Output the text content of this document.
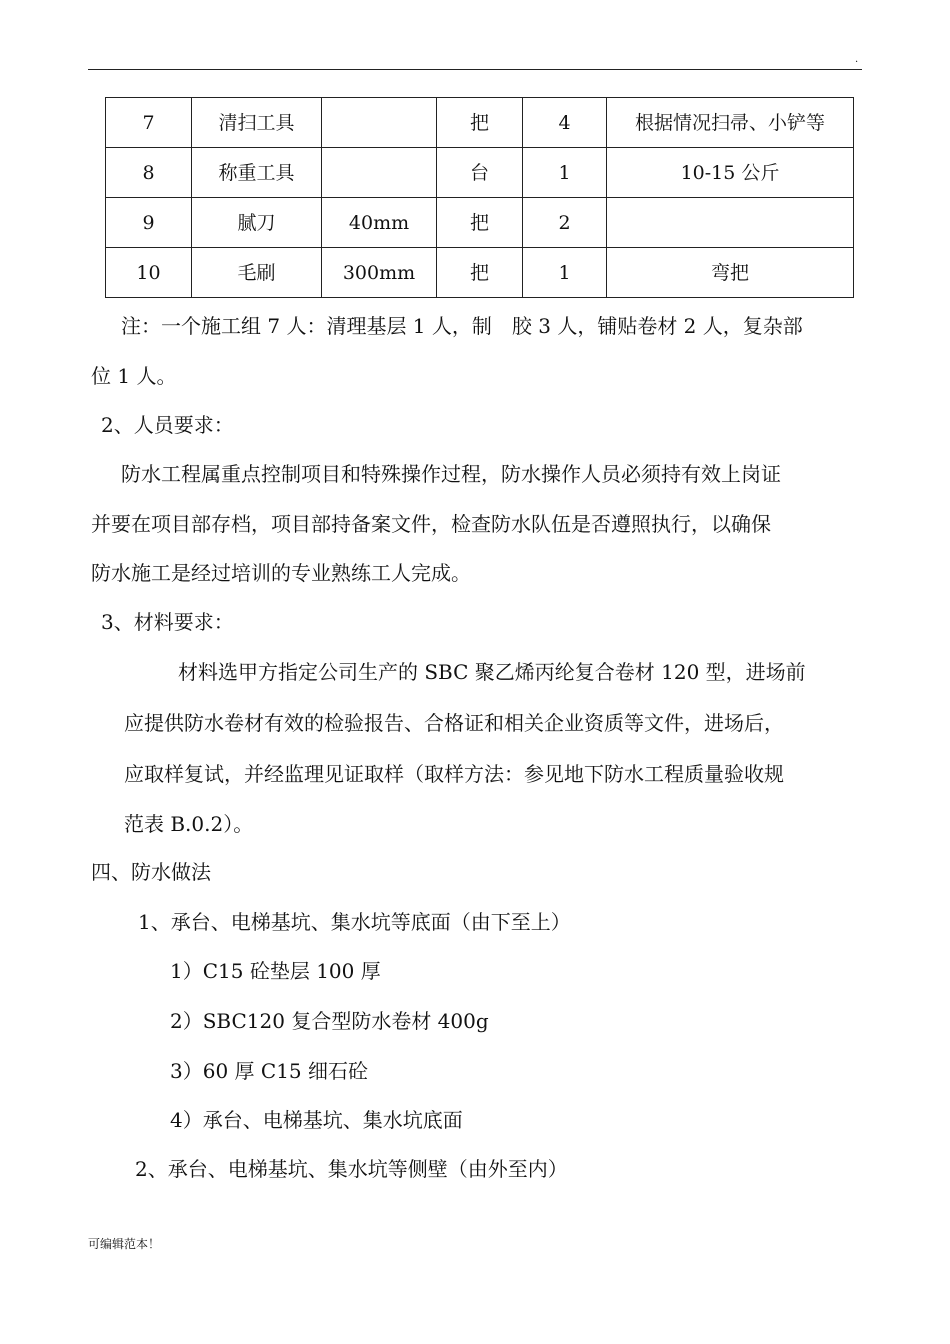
.
7	清扫工具		把	4	根据情况扫帚、小铲等
8	称重工具		台	1	10-15 公斤
9	腻刀	40mm	把	2	
10	毛刷	300mm	把	1	弯把

注：一个施工组 7 人：清理基层 1 人，制　胶 3 人，铺贴卷材 2 人，复杂部

位 1 人。

2、人员要求：

防水工程属重点控制项目和特殊操作过程，防水操作人员必须持有效上岗证

并要在项目部存档，项目部持备案文件，检查防水队伍是否遵照执行，以确保

防水施工是经过培训的专业熟练工人完成。

3、材料要求：

材料选甲方指定公司生产的 SBC 聚乙烯丙纶复合卷材 120 型，进场前

应提供防水卷材有效的检验报告、合格证和相关企业资质等文件，进场后，

应取样复试，并经监理见证取样（取样方法：参见地下防水工程质量验收规

范表 B.0.2）。

四、防水做法

1、承台、电梯基坑、集水坑等底面（由下至上）

1）C15 砼垫层 100 厚

2）SBC120 复合型防水卷材 400g

3）60 厚 C15 细石砼

4）承台、电梯基坑、集水坑底面

2、承台、电梯基坑、集水坑等侧壁（由外至内）

可编辑范本！
